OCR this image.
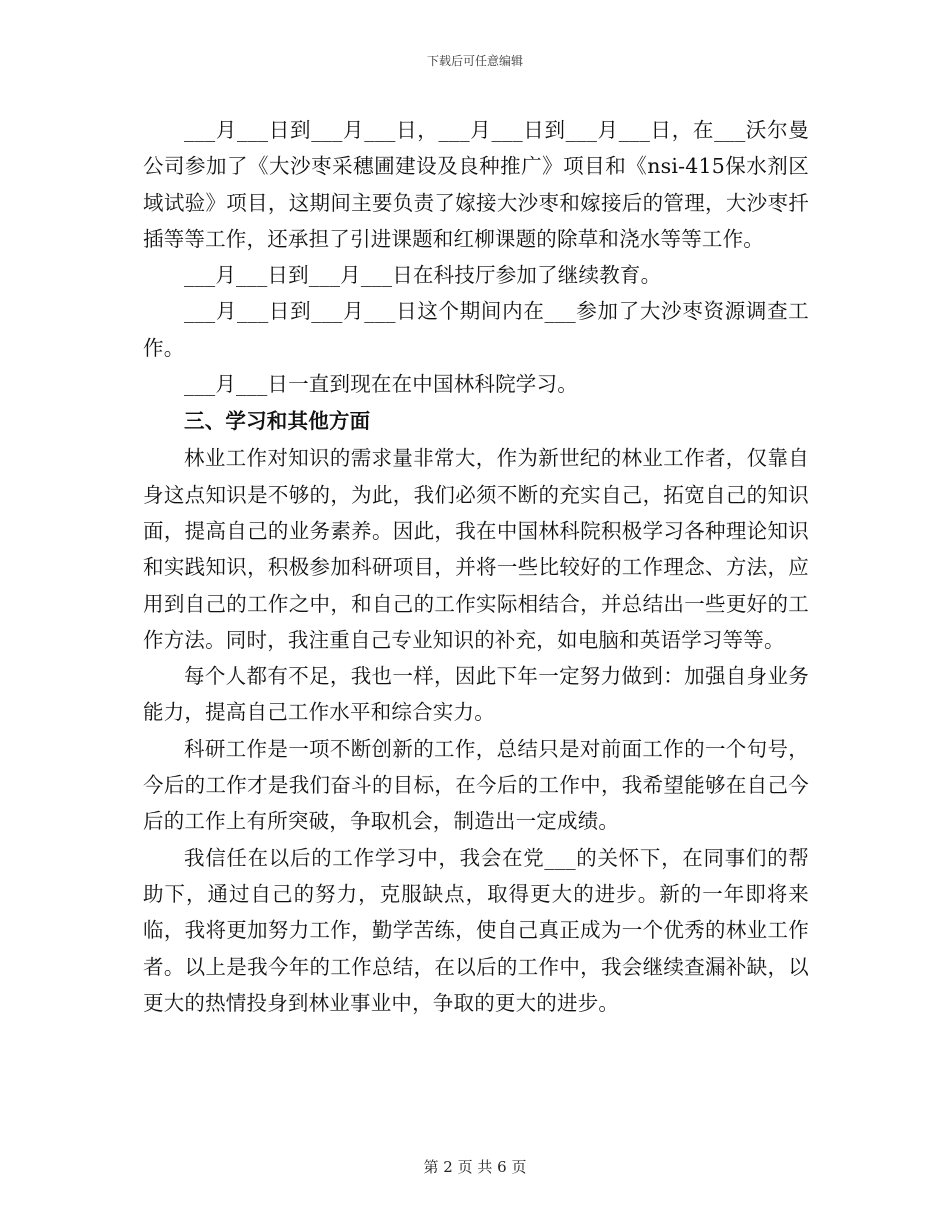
下载后可任意编辑

___月___日到___月___日，___月___日到___月___日，在___沃尔曼公司参加了《大沙枣采穗圃建设及良种推广》项目和《nsi-415保水剂区域试验》项目，这期间主要负责了嫁接大沙枣和嫁接后的管理，大沙枣扦插等等工作，还承担了引进课题和红柳课题的除草和浇水等等工作。

___月___日到___月___日在科技厅参加了继续教育。

___月___日到___月___日这个期间内在___参加了大沙枣资源调查工作。

___月___日一直到现在在中国林科院学习。

三、学习和其他方面

林业工作对知识的需求量非常大，作为新世纪的林业工作者，仅靠自身这点知识是不够的，为此，我们必须不断的充实自己，拓宽自己的知识面，提高自己的业务素养。因此，我在中国林科院积极学习各种理论知识和实践知识，积极参加科研项目，并将一些比较好的工作理念、方法，应用到自己的工作之中，和自己的工作实际相结合，并总结出一些更好的工作方法。同时，我注重自己专业知识的补充，如电脑和英语学习等等。

每个人都有不足，我也一样，因此下年一定努力做到：加强自身业务能力，提高自己工作水平和综合实力。

科研工作是一项不断创新的工作，总结只是对前面工作的一个句号，今后的工作才是我们奋斗的目标，在今后的工作中，我希望能够在自己今后的工作上有所突破，争取机会，制造出一定成绩。

我信任在以后的工作学习中，我会在党___的关怀下，在同事们的帮助下，通过自己的努力，克服缺点，取得更大的进步。新的一年即将来临，我将更加努力工作，勤学苦练，使自己真正成为一个优秀的林业工作者。以上是我今年的工作总结，在以后的工作中，我会继续查漏补缺，以更大的热情投身到林业事业中，争取的更大的进步。

第 2 页 共 6 页
